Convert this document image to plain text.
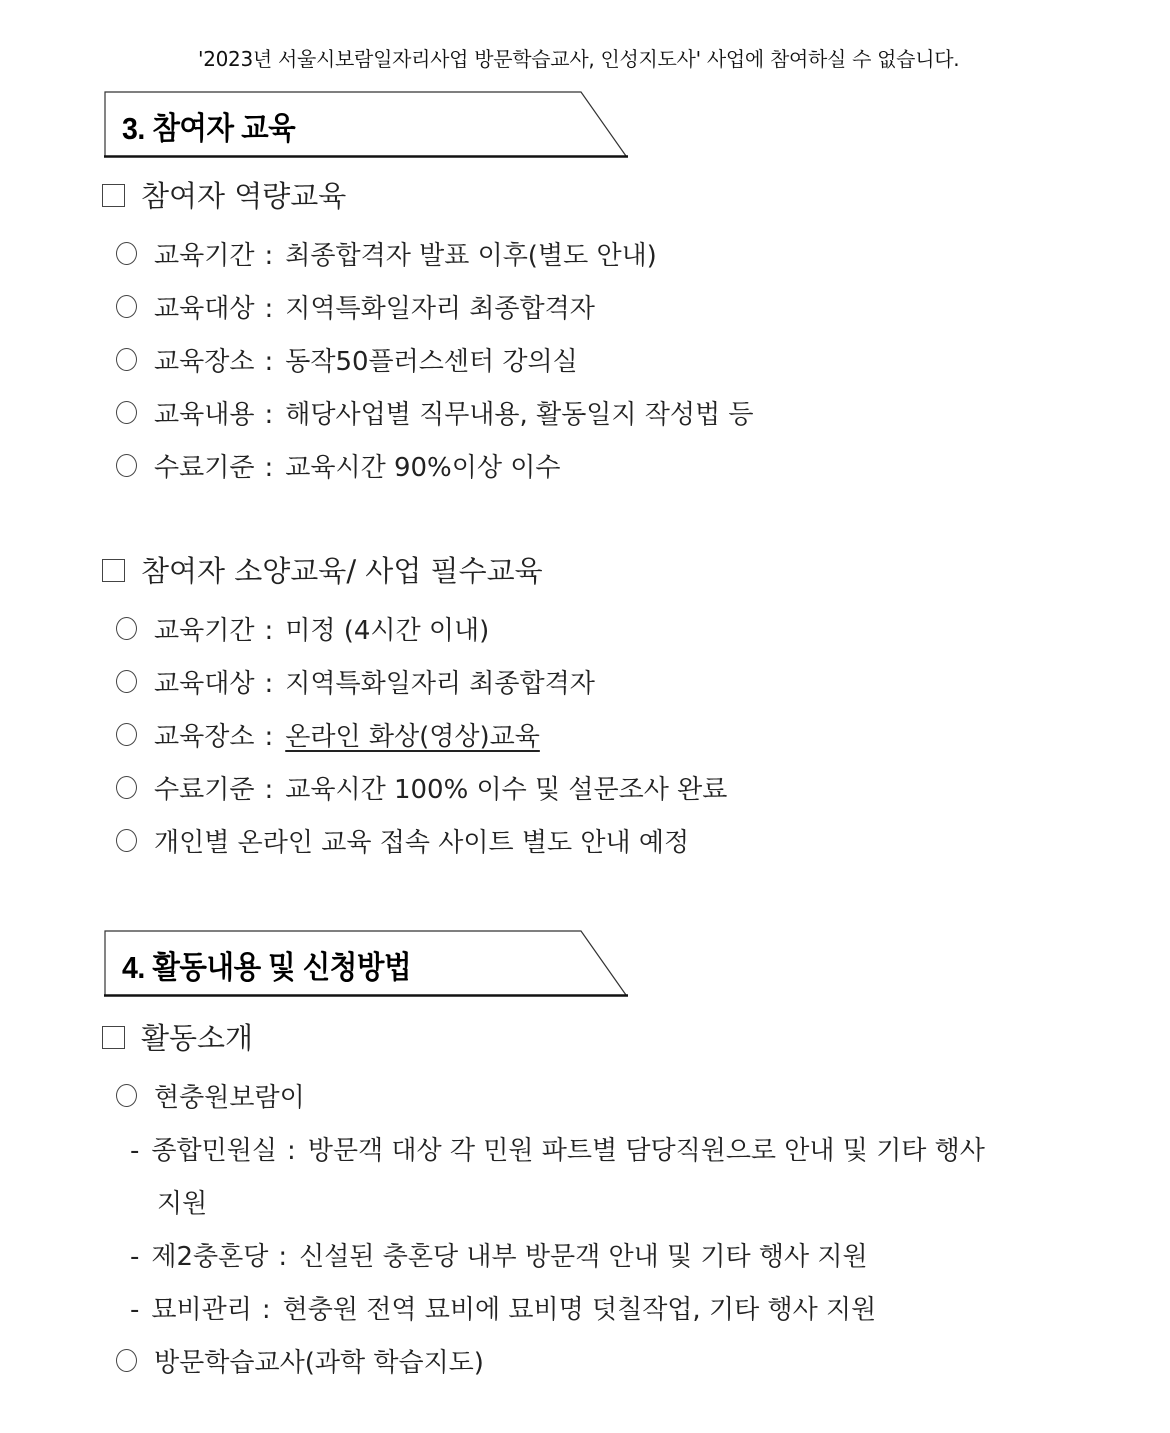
'2023년 서울시보람일자리사업 방문학습교사, 인성지도사' 사업에 참여하실 수 없습니다.
3. 참여자 교육
참여자 역량교육
교육기간 : 최종합격자 발표 이후(별도 안내)
교육대상 : 지역특화일자리 최종합격자
교육장소 : 동작50플러스센터 강의실
교육내용 : 해당사업별 직무내용, 활동일지 작성법 등
수료기준 : 교육시간 90%이상 이수
참여자 소양교육/ 사업 필수교육
교육기간 : 미정 (4시간 이내)
교육대상 : 지역특화일자리 최종합격자
교육장소 : 온라인 화상(영상)교육
수료기준 : 교육시간 100% 이수 및 설문조사 완료
개인별 온라인 교육 접속 사이트 별도 안내 예정
4. 활동내용 및 신청방법
활동소개
현충원보람이
- 종합민원실 : 방문객 대상 각 민원 파트별 담당직원으로 안내 및 기타 행사
지원
- 제2충혼당 : 신설된 충혼당 내부 방문객 안내 및 기타 행사 지원
- 묘비관리 : 현충원 전역 묘비에 묘비명 덧칠작업, 기타 행사 지원
방문학습교사(과학 학습지도)
